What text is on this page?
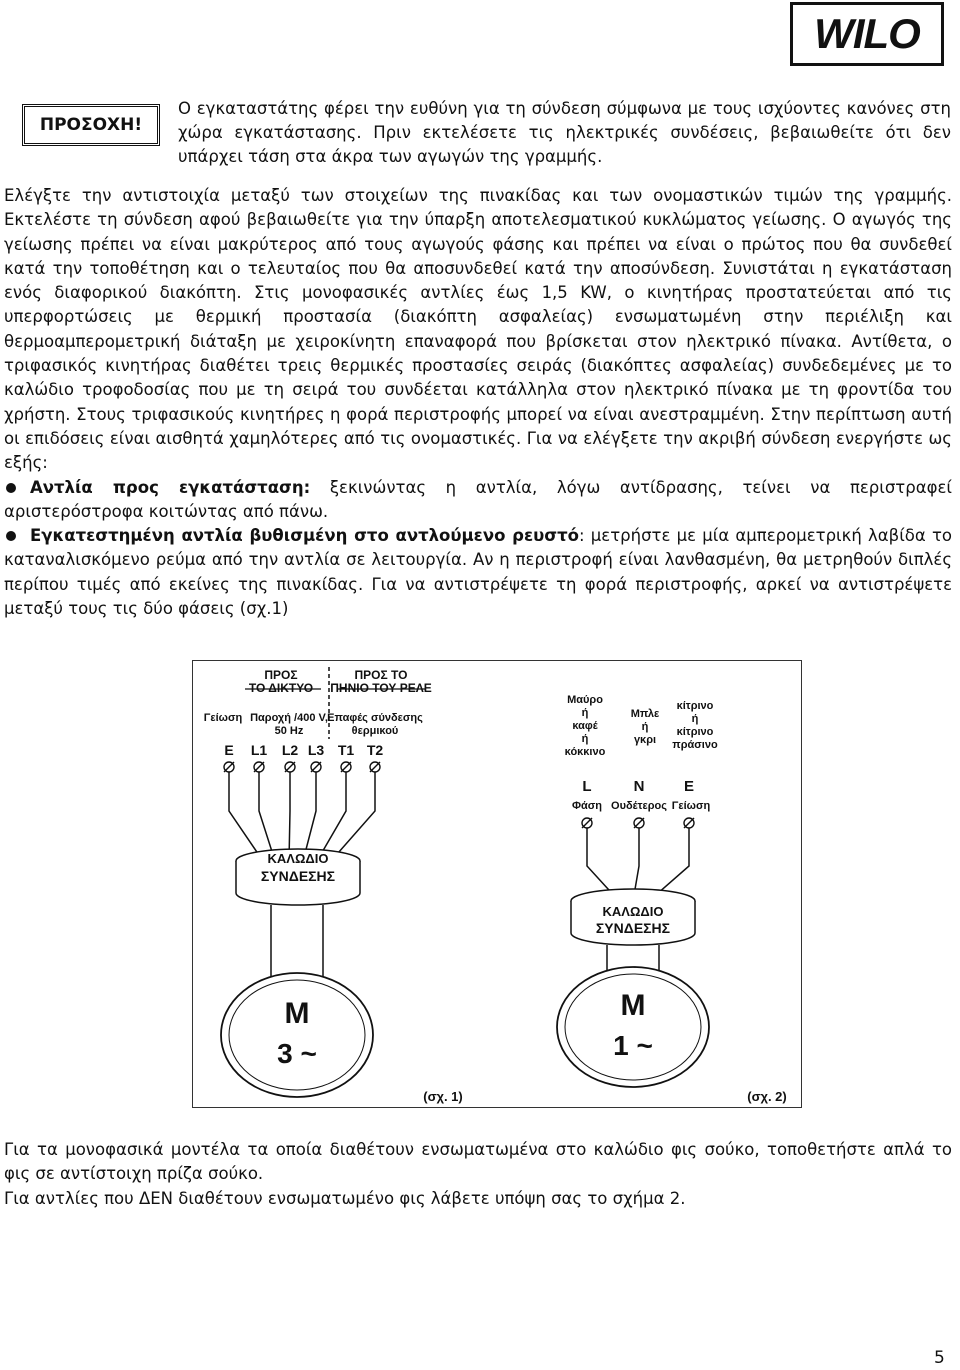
WILO
ΠΡΟΣΟΧΗ!
Ο εγκαταστάτης φέρει την ευθύνη για τη σύνδεση σύμφωνα με τους ισχύοντες κανόνες στη χώρα εγκατάστασης. Πριν εκτελέσετε τις ηλεκτρικές συνδέσεις, βεβαιωθείτε ότι δεν υπάρχει τάση στα άκρα των αγωγών της γραμμής.

Ελέγξτε την αντιστοιχία μεταξύ των στοιχείων της πινακίδας και των ονομαστικών τιμών της γραμμής. Εκτελέστε τη σύνδεση αφού βεβαιωθείτε για την ύπαρξη αποτελεσματικού κυκλώματος γείωσης. Ο αγωγός της γείωσης πρέπει να είναι μακρύτερος από τους αγωγούς φάσης και πρέπει να είναι ο πρώτος που θα συνδεθεί κατά την τοποθέτηση και ο τελευταίος που θα αποσυνδεθεί κατά την αποσύνδεση. Συνιστάται η εγκατάσταση ενός διαφορικού διακόπτη. Στις μονοφασικές αντλίες έως 1,5 KW, ο κινητήρας προστατεύεται από τις υπερφορτώσεις με θερμική προστασία (διακόπτη ασφαλείας) ενσωματωμένη στην περιέλιξη και θερμοαμπερομετρική διάταξη με χειροκίνητη επαναφορά που βρίσκεται στον ηλεκτρικό πίνακα. Αντίθετα, ο τριφασικός κινητήρας διαθέτει τρεις θερμικές προστασίες σειράς (διακόπτες ασφαλείας) συνδεδεμένες με το καλώδιο τροφοδοσίας που με τη σειρά του συνδέεται κατάλληλα στον ηλεκτρικό πίνακα με τη φροντίδα του χρήστη. Στους τριφασικούς κινητήρες η φορά περιστροφής μπορεί να είναι ανεστραμμένη. Στην περίπτωση αυτή οι επιδόσεις είναι αισθητά χαμηλότερες από τις ονομαστικές. Για να ελέγξετε την ακριβή σύνδεση ενεργήστε ως εξής:

Αντλία προς εγκατάσταση: ξεκινώντας η αντλία, λόγω αντίδρασης, τείνει να περιστραφεί αριστερόστροφα κοιτώντας από πάνω.

Εγκατεστημένη αντλία βυθισμένη στο αντλούμενο ρευστό: μετρήστε με μία αμπερομετρική λαβίδα το καταναλισκόμενο ρεύμα από την αντλία σε λειτουργία. Αν η περιστροφή είναι λανθασμένη, θα μετρηθούν διπλές περίπου τιμές από εκείνες της πινακίδας. Για να αντιστρέψετε τη φορά περιστροφής, αρκεί να αντιστρέψετε μεταξύ τους τις δύο φάσεις (σχ.1)

ΠΡΟΣ
ΤΟ ΔΙΚΤΥΟ
ΠΡΟΣ ΤΟ
ΠΗΝΙΟ ΤΟΥ ΡΕΛΕ
Γείωση Παροχή /400 V,
50 Hz
Επαφές σύνδεσης
θερμικού
E L1 L2 L3 T1 T2
ΚΑΛΩΔΙΟ
ΣΥΝΔΕΣΗΣ
M
3 ~
(σχ. 1)
Μαύρο
ή
καφέ
ή
κόκκινο
Μπλε
ή
γκρι
κίτρινο
ή
κίτρινο
πράσινο
L	N	E
Φάση Ουδέτερος Γείωση
ΚΑΛΩΔΙΟ
ΣΥΝΔΕΣΗΣ
M
1 ~
(σχ. 2)

Για τα μονοφασικά μοντέλα τα οποία διαθέτουν ενσωματωμένα στο καλώδιο φις σούκο, τοποθετήστε απλά το φις σε αντίστοιχη πρίζα σούκο.

Για αντλίες που ΔΕΝ διαθέτουν ενσωματωμένο φις λάβετε υπόψη σας το σχήμα 2.

5
